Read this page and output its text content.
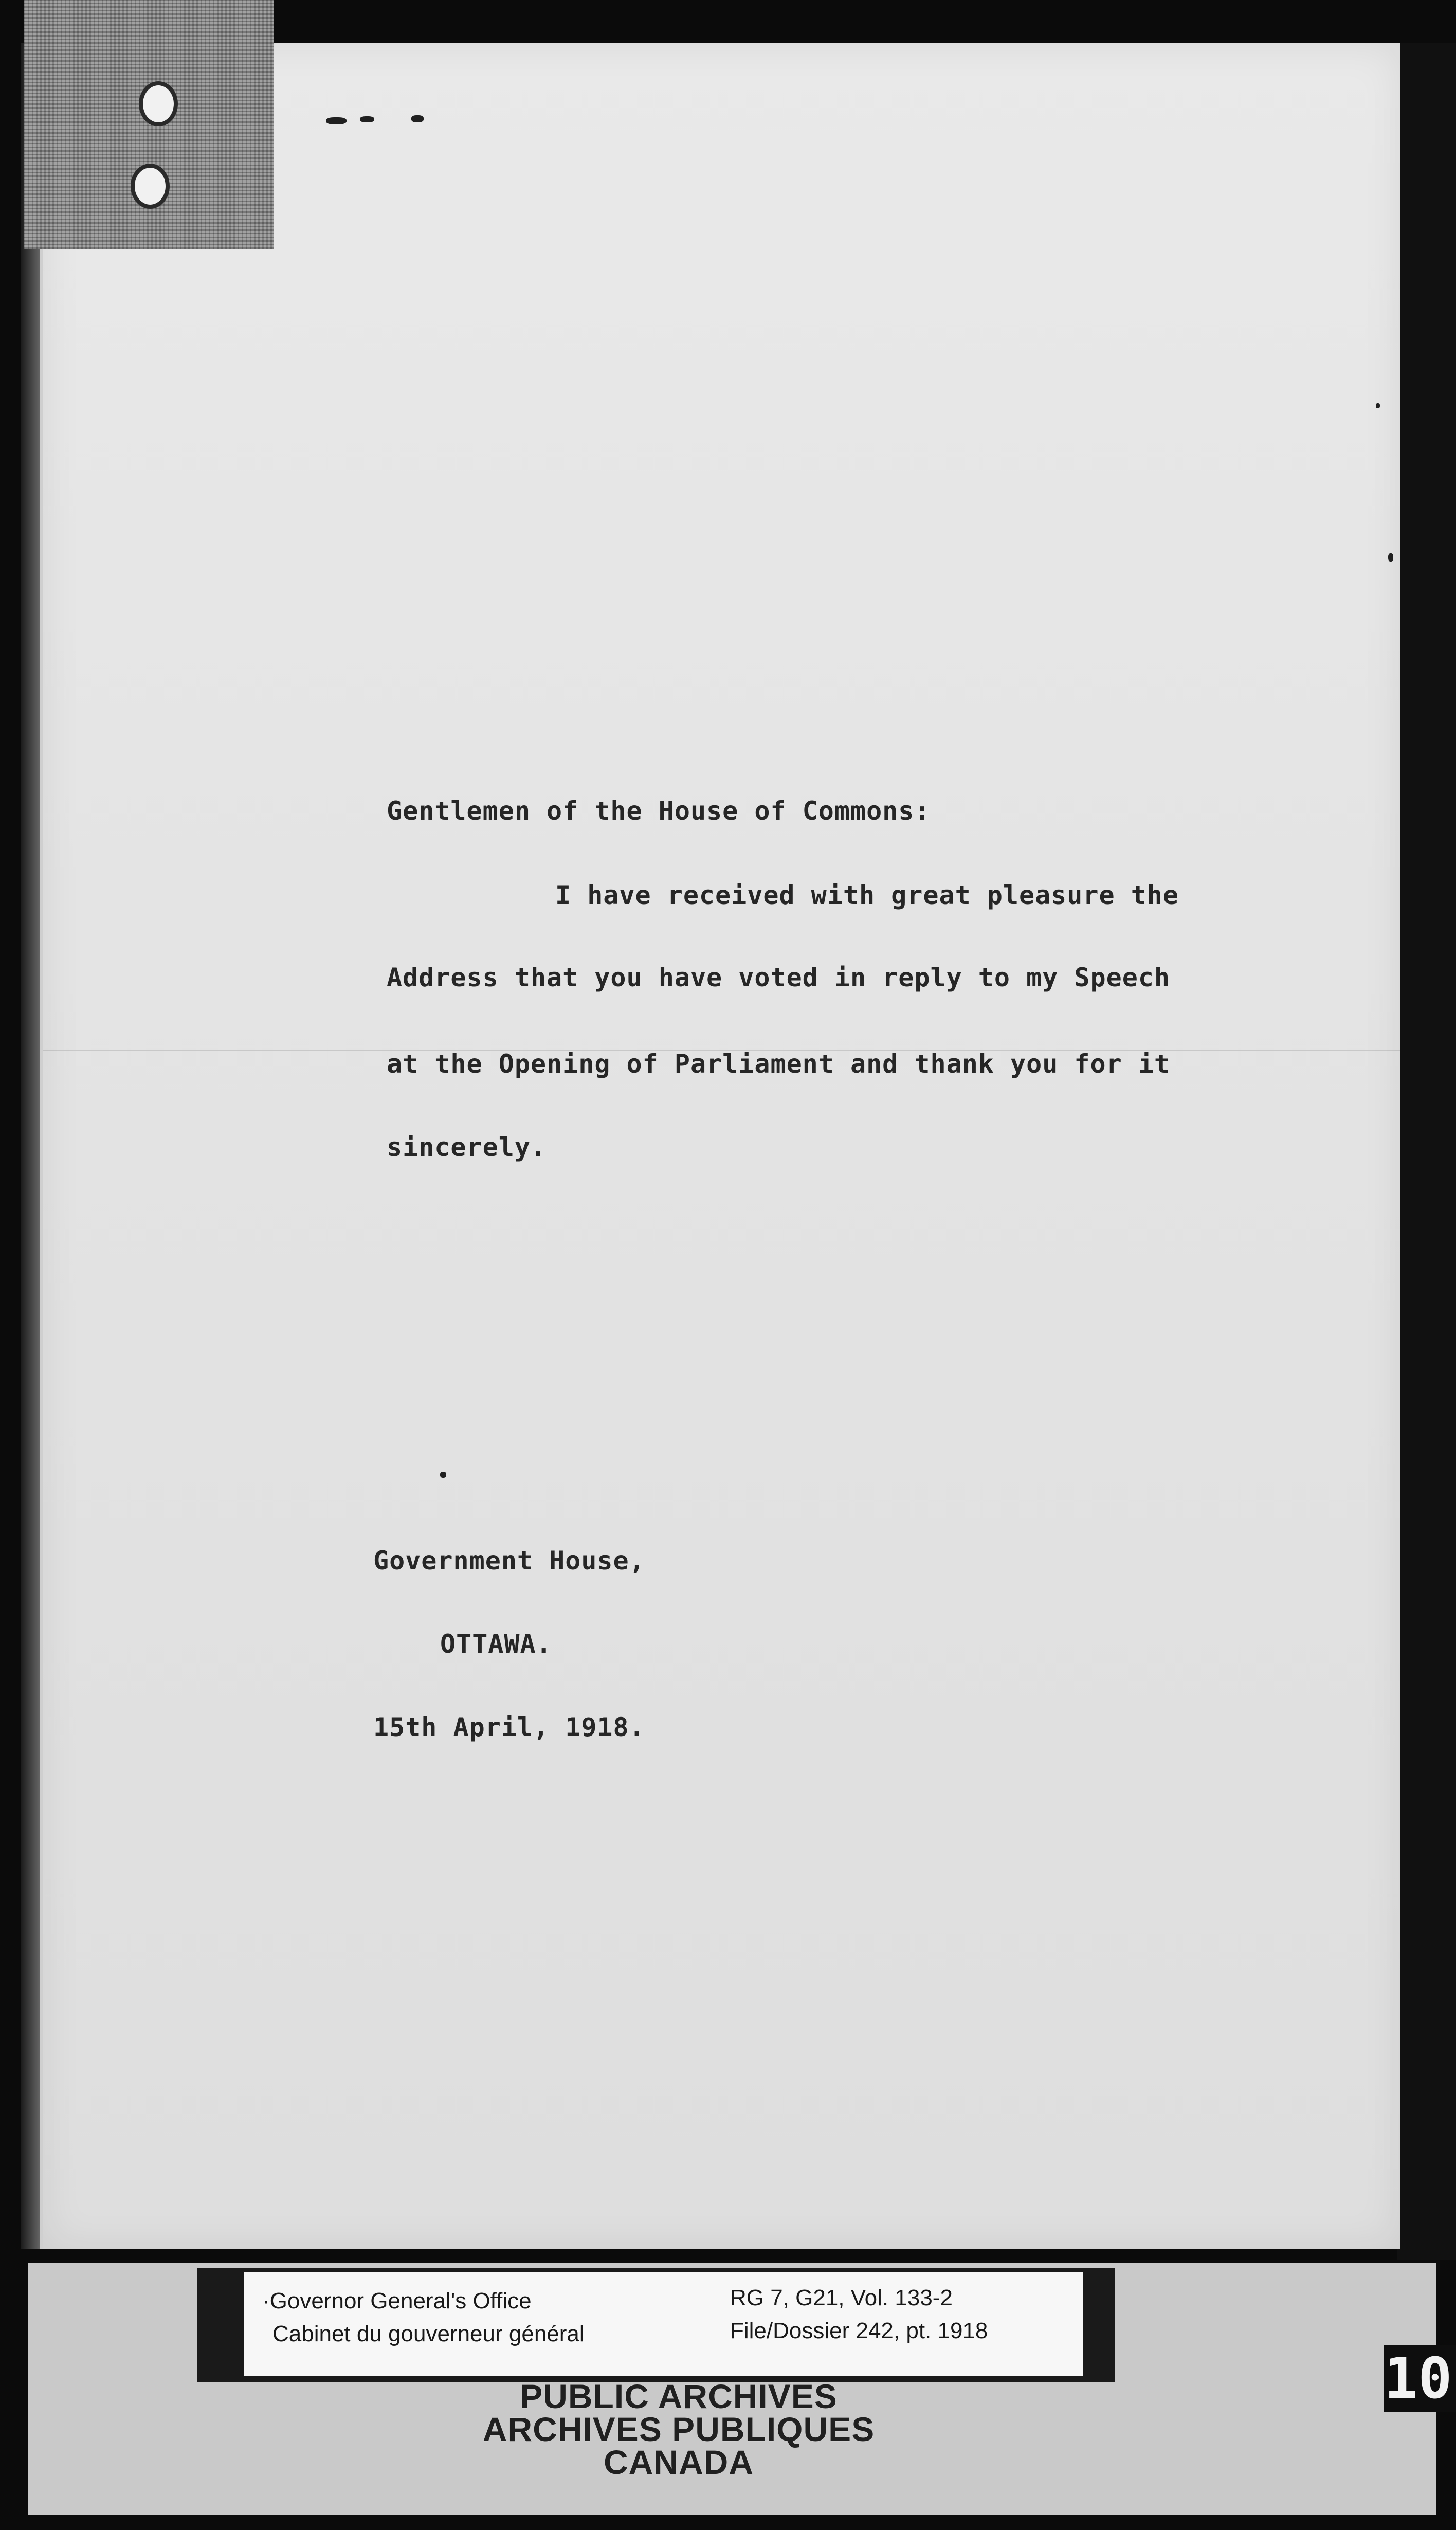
Gentlemen of the House of Commons:
I have received with great pleasure the
Address that you have voted in reply to my Speech
at the Opening of Parliament and thank you for it
sincerely.
Government House,
OTTAWA.
15th April, 1918.
·Governor General's Office
Cabinet du gouverneur général
RG 7, G21, Vol. 133-2
File/Dossier 242, pt. 1918
PUBLIC ARCHIVES
ARCHIVES PUBLIQUES
CANADA
10
